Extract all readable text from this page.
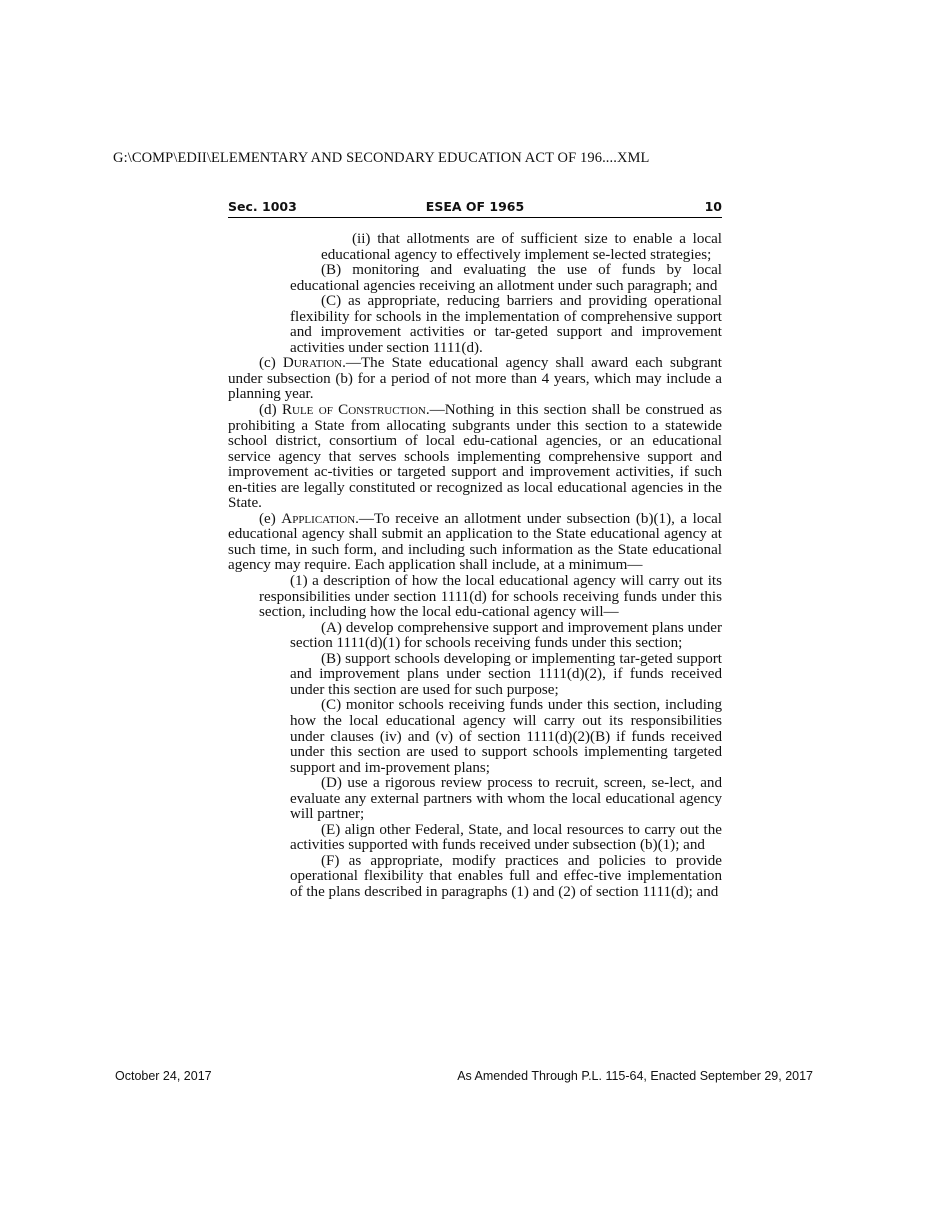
G:\COMP\EDII\ELEMENTARY AND SECONDARY EDUCATION ACT OF 196....XML
Sec. 1003	ESEA OF 1965	10

(ii) that allotments are of sufficient size to enable a local educational agency to effectively implement se-lected strategies;

(B) monitoring and evaluating the use of funds by local educational agencies receiving an allotment under such paragraph; and

(C) as appropriate, reducing barriers and providing operational flexibility for schools in the implementation of comprehensive support and improvement activities or tar-geted support and improvement activities under section 1111(d).

(c) Duration.—The State educational agency shall award each subgrant under subsection (b) for a period of not more than 4 years, which may include a planning year.

(d) Rule of Construction.—Nothing in this section shall be construed as prohibiting a State from allocating subgrants under this section to a statewide school district, consortium of local edu-cational agencies, or an educational service agency that serves schools implementing comprehensive support and improvement ac-tivities or targeted support and improvement activities, if such en-tities are legally constituted or recognized as local educational agencies in the State.

(e) Application.—To receive an allotment under subsection (b)(1), a local educational agency shall submit an application to the State educational agency at such time, in such form, and including such information as the State educational agency may require. Each application shall include, at a minimum—

(1) a description of how the local educational agency will carry out its responsibilities under section 1111(d) for schools receiving funds under this section, including how the local edu-cational agency will—

(A) develop comprehensive support and improvement plans under section 1111(d)(1) for schools receiving funds under this section;

(B) support schools developing or implementing tar-geted support and improvement plans under section 1111(d)(2), if funds received under this section are used for such purpose;

(C) monitor schools receiving funds under this section, including how the local educational agency will carry out its responsibilities under clauses (iv) and (v) of section 1111(d)(2)(B) if funds received under this section are used to support schools implementing targeted support and im-provement plans;

(D) use a rigorous review process to recruit, screen, se-lect, and evaluate any external partners with whom the local educational agency will partner;

(E) align other Federal, State, and local resources to carry out the activities supported with funds received under subsection (b)(1); and

(F) as appropriate, modify practices and policies to provide operational flexibility that enables full and effec-tive implementation of the plans described in paragraphs (1) and (2) of section 1111(d); and

October 24, 2017	As Amended Through P.L. 115-64, Enacted September 29, 2017
